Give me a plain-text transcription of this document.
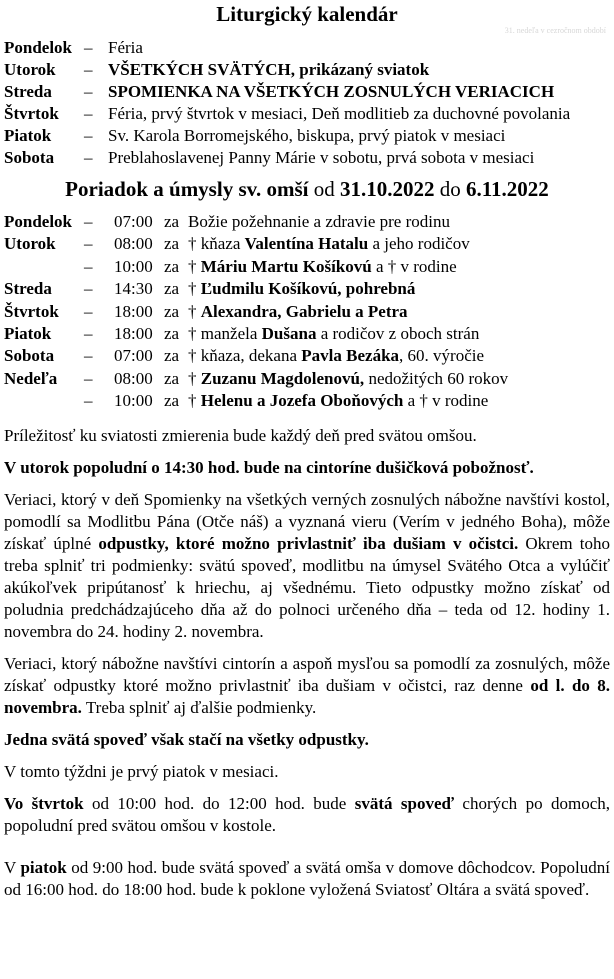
Liturgický kalendár
31. nedeľa v cezročnom období
Pondelok – Féria
Utorok	– VŠETKÝCH SVÄTÝCH, prikázaný sviatok
Streda	– SPOMIENKA NA VŠETKÝCH ZOSNULÝCH VERIACICH
Štvrtok	– Féria, prvý štvrtok v mesiaci, Deň modlitieb za duchovné povolania
Piatok	– Sv. Karola Borromejského, biskupa, prvý piatok v mesiaci
Sobota	– Preblahoslavenej Panny Márie v sobotu, prvá sobota v mesiaci
Poriadok a úmysly sv. omší od 31.10.2022 do 6.11.2022
Pondelok –	07:00 za Božie požehnanie a zdravie pre rodinu
Utorok	–	08:00 za † kňaza Valentína Hatalu a jeho rodičov
–	10:00 za † Máriu Martu Košíkovú a † v rodine
Streda	–	14:30 za † Ľudmilu Košíkovú, pohrebná
Štvrtok	–	18:00 za † Alexandra, Gabrielu a Petra
Piatok	–	18:00 za † manžela Dušana a rodičov z oboch strán
Sobota	–	07:00 za † kňaza, dekana Pavla Bezáka, 60. výročie
Nedeľa	–	08:00 za † Zuzanu Magdolenovú, nedožitých 60 rokov
–	10:00 za † Helenu a Jozefa Oboňových a † v rodine

Príležitosť ku sviatosti zmierenia bude každý deň pred svätou omšou.

V utorok popoludní o 14:30 hod. bude na cintoríne dušičková pobožnosť.

Veriaci, ktorý v deň Spomienky na všetkých verných zosnulých nábožne navštívi kostol, pomodlí sa Modlitbu Pána (Otče náš) a vyznaná vieru (Verím v jedného Boha), môže získať úplné odpustky, ktoré možno privlastniť iba dušiam v očistci. Okrem toho treba splniť tri podmienky: svätú spoveď, modlitbu na úmysel Svätého Otca a vylúčiť akúkoľvek pripútanosť k hriechu, aj všednému. Tieto odpustky možno získať od poludnia predchádzajúceho dňa až do polnoci určeného dňa – teda od 12. hodiny 1. novembra do 24. hodiny 2. novembra.

Veriaci, ktorý nábožne navštívi cintorín a aspoň mysľou sa pomodlí za zosnulých, môže získať odpustky ktoré možno privlastniť iba dušiam v očistci, raz denne od l. do 8. novembra. Treba splniť aj ďalšie podmienky.

Jedna svätá spoveď však stačí na všetky odpustky.

V tomto týždni je prvý piatok v mesiaci.

Vo štvrtok od 10:00 hod. do 12:00 hod. bude svätá spoveď chorých po domoch, popoludní pred svätou omšou v kostole.

V piatok od 9:00 hod. bude svätá spoveď a svätá omša v domove dôchodcov. Popoludní od 16:00 hod. do 18:00 hod. bude k poklone vyložená Sviatosť Oltára a svätá spoveď.
